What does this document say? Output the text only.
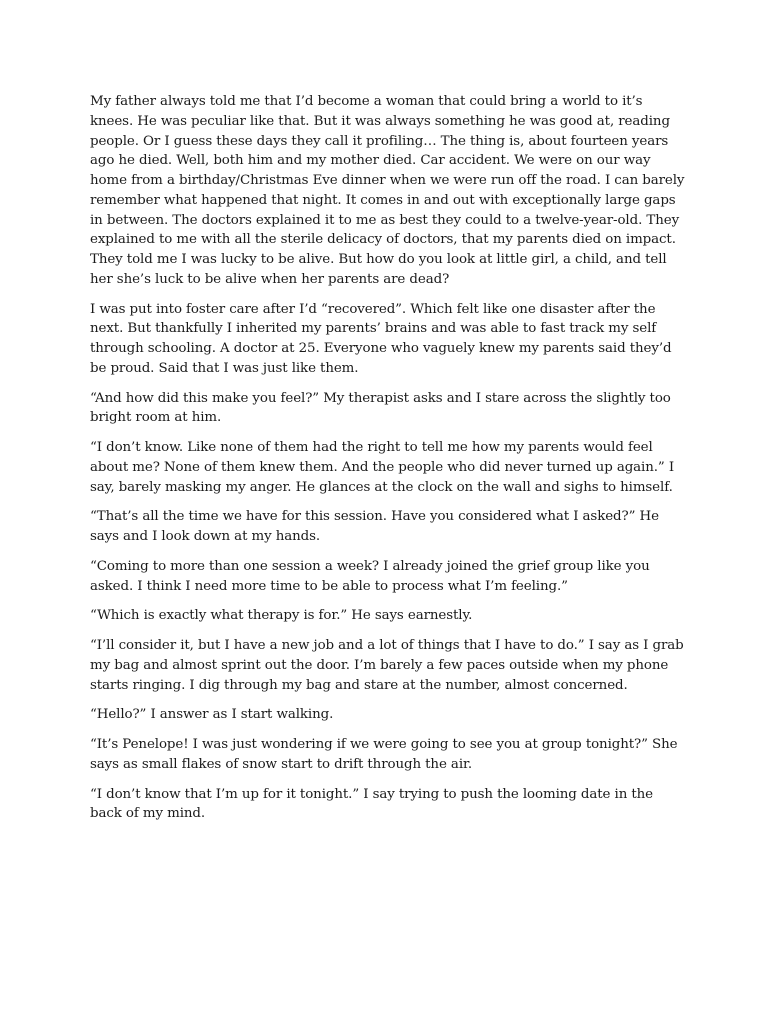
My father always told me that I’d become a woman that could bring a world to it’s knees. He was peculiar like that. But it was always something he was good at, reading people. Or I guess these days they call it profiling… The thing is, about fourteen years ago he died. Well, both him and my mother died. Car accident. We were on our way home from a birthday/Christmas Eve dinner when we were run off the road. I can barely remember what happened that night. It comes in and out with exceptionally large gaps in between. The doctors explained it to me as best they could to a twelve-year-old. They explained to me with all the sterile delicacy of doctors, that my parents died on impact. They told me I was lucky to be alive. But how do you look at little girl, a child, and tell her she’s luck to be alive when her parents are dead?

I was put into foster care after I’d “recovered”. Which felt like one disaster after the next. But thankfully I inherited my parents’ brains and was able to fast track my self through schooling. A doctor at 25. Everyone who vaguely knew my parents said they’d be proud. Said that I was just like them.

“And how did this make you feel?” My therapist asks and I stare across the slightly too bright room at him.

“I don’t know. Like none of them had the right to tell me how my parents would feel about me? None of them knew them. And the people who did never turned up again.” I say, barely masking my anger. He glances at the clock on the wall and sighs to himself.

“That’s all the time we have for this session. Have you considered what I asked?” He says and I look down at my hands.

“Coming to more than one session a week? I already joined the grief group like you asked. I think I need more time to be able to process what I’m feeling.”

“Which is exactly what therapy is for.” He says earnestly.

“I’ll consider it, but I have a new job and a lot of things that I have to do.” I say as I grab my bag and almost sprint out the door. I’m barely a few paces outside when my phone starts ringing. I dig through my bag and stare at the number, almost concerned.

“Hello?” I answer as I start walking.

“It’s Penelope! I was just wondering if we were going to see you at group tonight?” She says as small flakes of snow start to drift through the air.

“I don’t know that I’m up for it tonight.” I say trying to push the looming date in the back of my mind.
